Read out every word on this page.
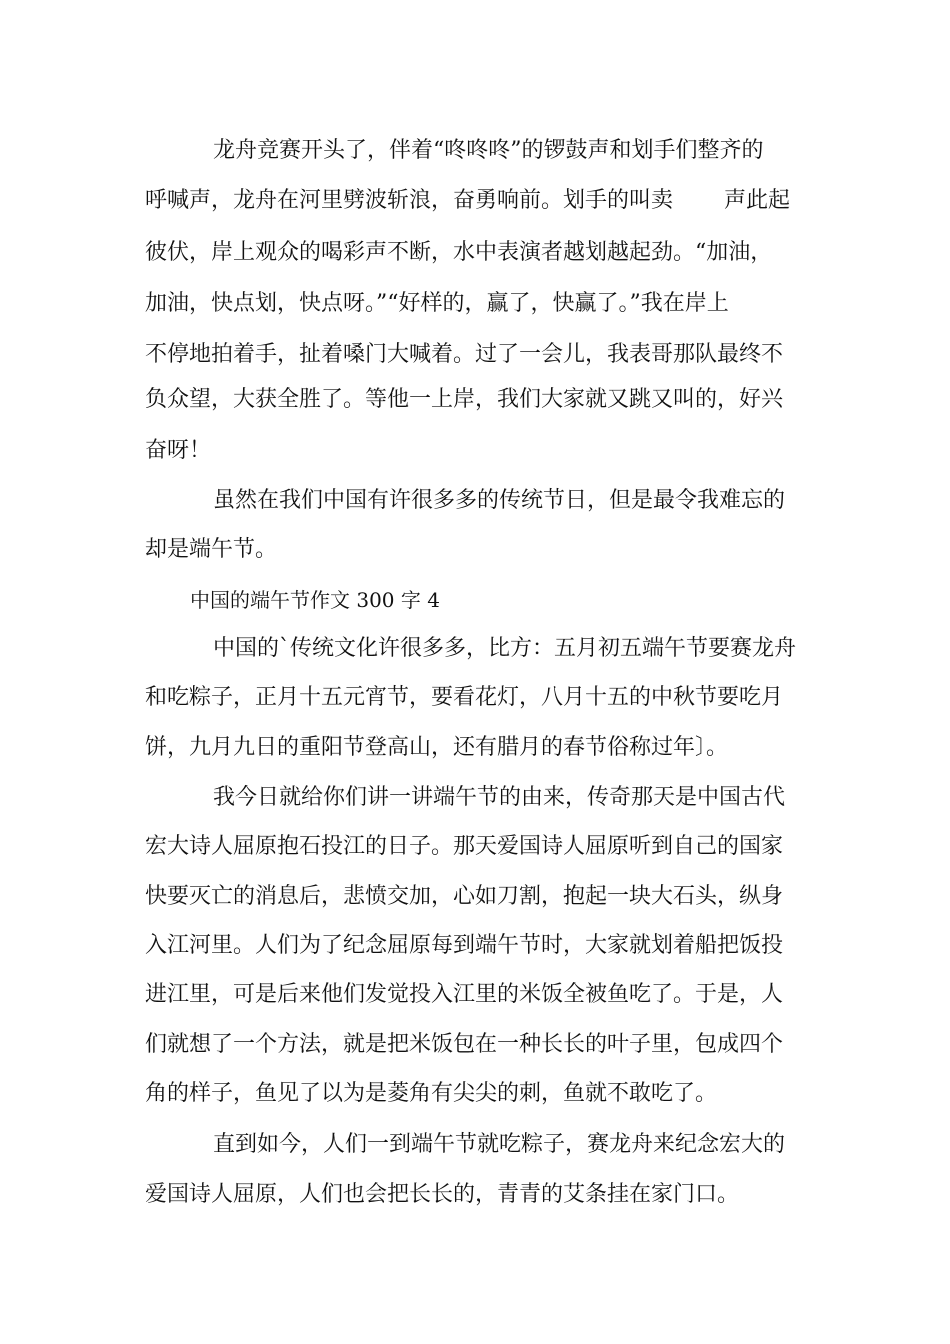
龙舟竞赛开头了，伴着“咚咚咚”的锣鼓声和划手们整齐的
呼喊声，龙舟在河里劈波斩浪，奋勇响前。划手的叫卖 　　声此起
彼伏，岸上观众的喝彩声不断，水中表演者越划越起劲。“加油，
加油，快点划，快点呀。”“好样的，赢了，快赢了。”我在岸上
不停地拍着手，扯着嗓门大喊着。过了一会儿，我表哥那队最终不
负众望，大获全胜了。等他一上岸，我们大家就又跳又叫的，好兴
奋呀！
虽然在我们中国有许很多多的传统节日，但是最令我难忘的
却是端午节。
中国的端午节作文 300 字 4
中国的`传统文化许很多多，比方：五月初五端午节要赛龙舟
和吃粽子，正月十五元宵节，要看花灯，八月十五的中秋节要吃月
饼，九月九日的重阳节登高山，还有腊月的春节俗称过年〕。
我今日就给你们讲一讲端午节的由来，传奇那天是中国古代
宏大诗人屈原抱石投江的日子。那天爱国诗人屈原听到自己的国家
快要灭亡的消息后，悲愤交加，心如刀割，抱起一块大石头，纵身
入江河里。人们为了纪念屈原每到端午节时，大家就划着船把饭投
进江里，可是后来他们发觉投入江里的米饭全被鱼吃了。于是，人
们就想了一个方法，就是把米饭包在一种长长的叶子里，包成四个
角的样子，鱼见了以为是菱角有尖尖的刺，鱼就不敢吃了。
直到如今，人们一到端午节就吃粽子，赛龙舟来纪念宏大的
爱国诗人屈原，人们也会把长长的，青青的艾条挂在家门口。
